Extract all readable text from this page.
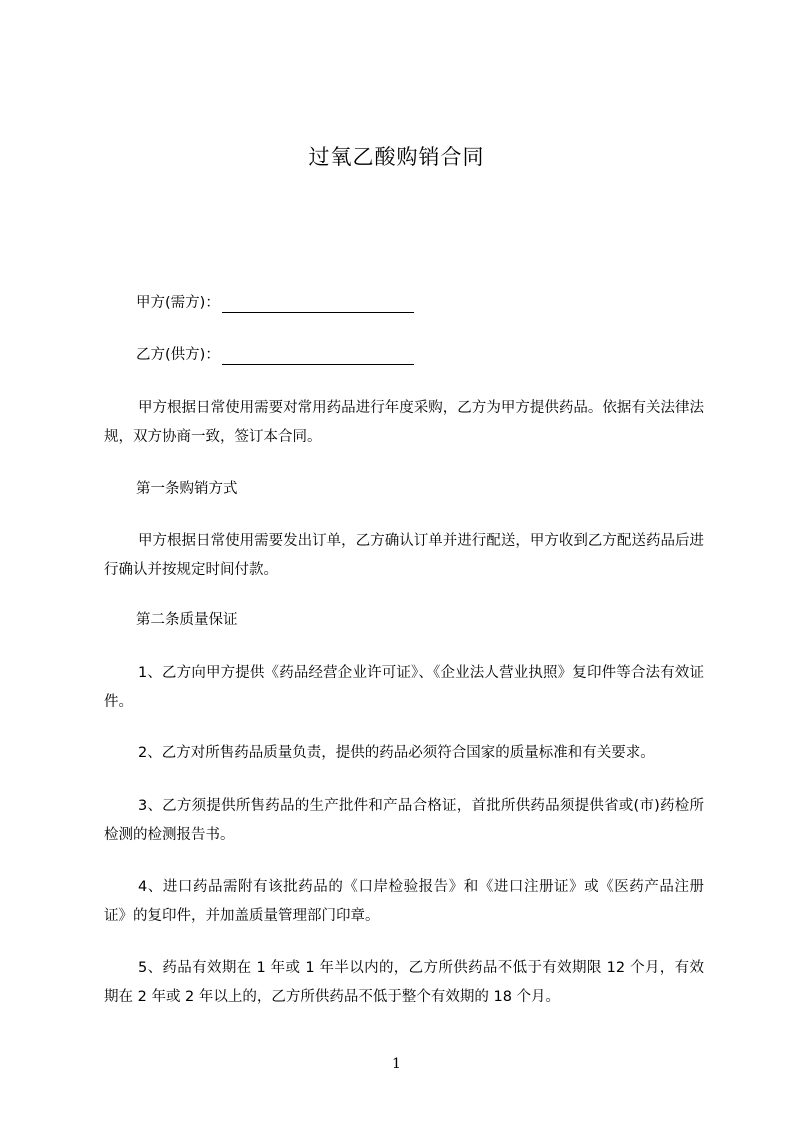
过氧乙酸购销合同
甲方(需方)：
乙方(供方)：
甲方根据日常使用需要对常用药品进行年度采购，乙方为甲方提供药品。依据有关法律法规，双方协商一致，签订本合同。
第一条购销方式
甲方根据日常使用需要发出订单，乙方确认订单并进行配送，甲方收到乙方配送药品后进行确认并按规定时间付款。
第二条质量保证
1、乙方向甲方提供《药品经营企业许可证》、《企业法人营业执照》复印件等合法有效证件。
2、乙方对所售药品质量负责，提供的药品必须符合国家的质量标准和有关要求。
3、乙方须提供所售药品的生产批件和产品合格证，首批所供药品须提供省或(市)药检所检测的检测报告书。
4、进口药品需附有该批药品的《口岸检验报告》和《进口注册证》或《医药产品注册证》的复印件，并加盖质量管理部门印章。
5、药品有效期在 1 年或 1 年半以内的，乙方所供药品不低于有效期限 12 个月，有效期在 2 年或 2 年以上的，乙方所供药品不低于整个有效期的 18 个月。
1
